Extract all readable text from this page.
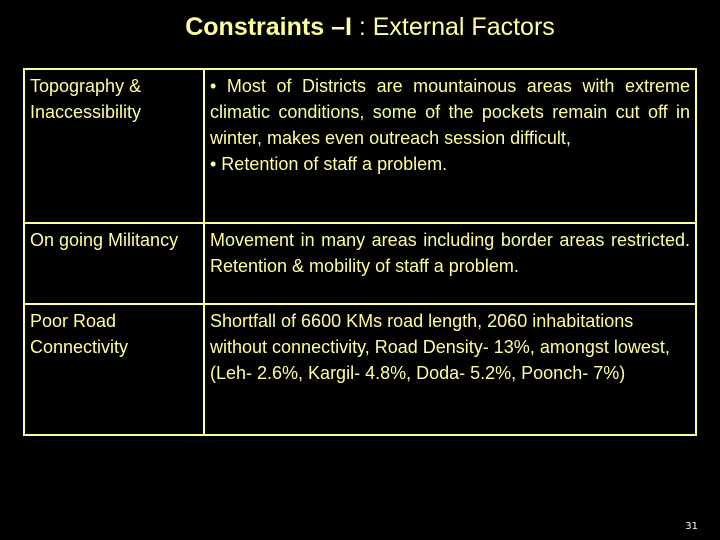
Constraints –I : External Factors
Topography & Inaccessibility	• Most of Districts are mountainous areas with extreme climatic conditions, some of the pockets remain cut off in winter, makes even outreach session difficult,
• Retention of staff a problem.

On going Militancy	Movement in many areas including border areas restricted. Retention & mobility of staff a problem.

Poor Road Connectivity	Shortfall of 6600 KMs road length, 2060 inhabitations without connectivity, Road Density- 13%, amongst lowest, (Leh- 2.6%, Kargil- 4.8%, Doda- 5.2%, Poonch- 7%)
31
